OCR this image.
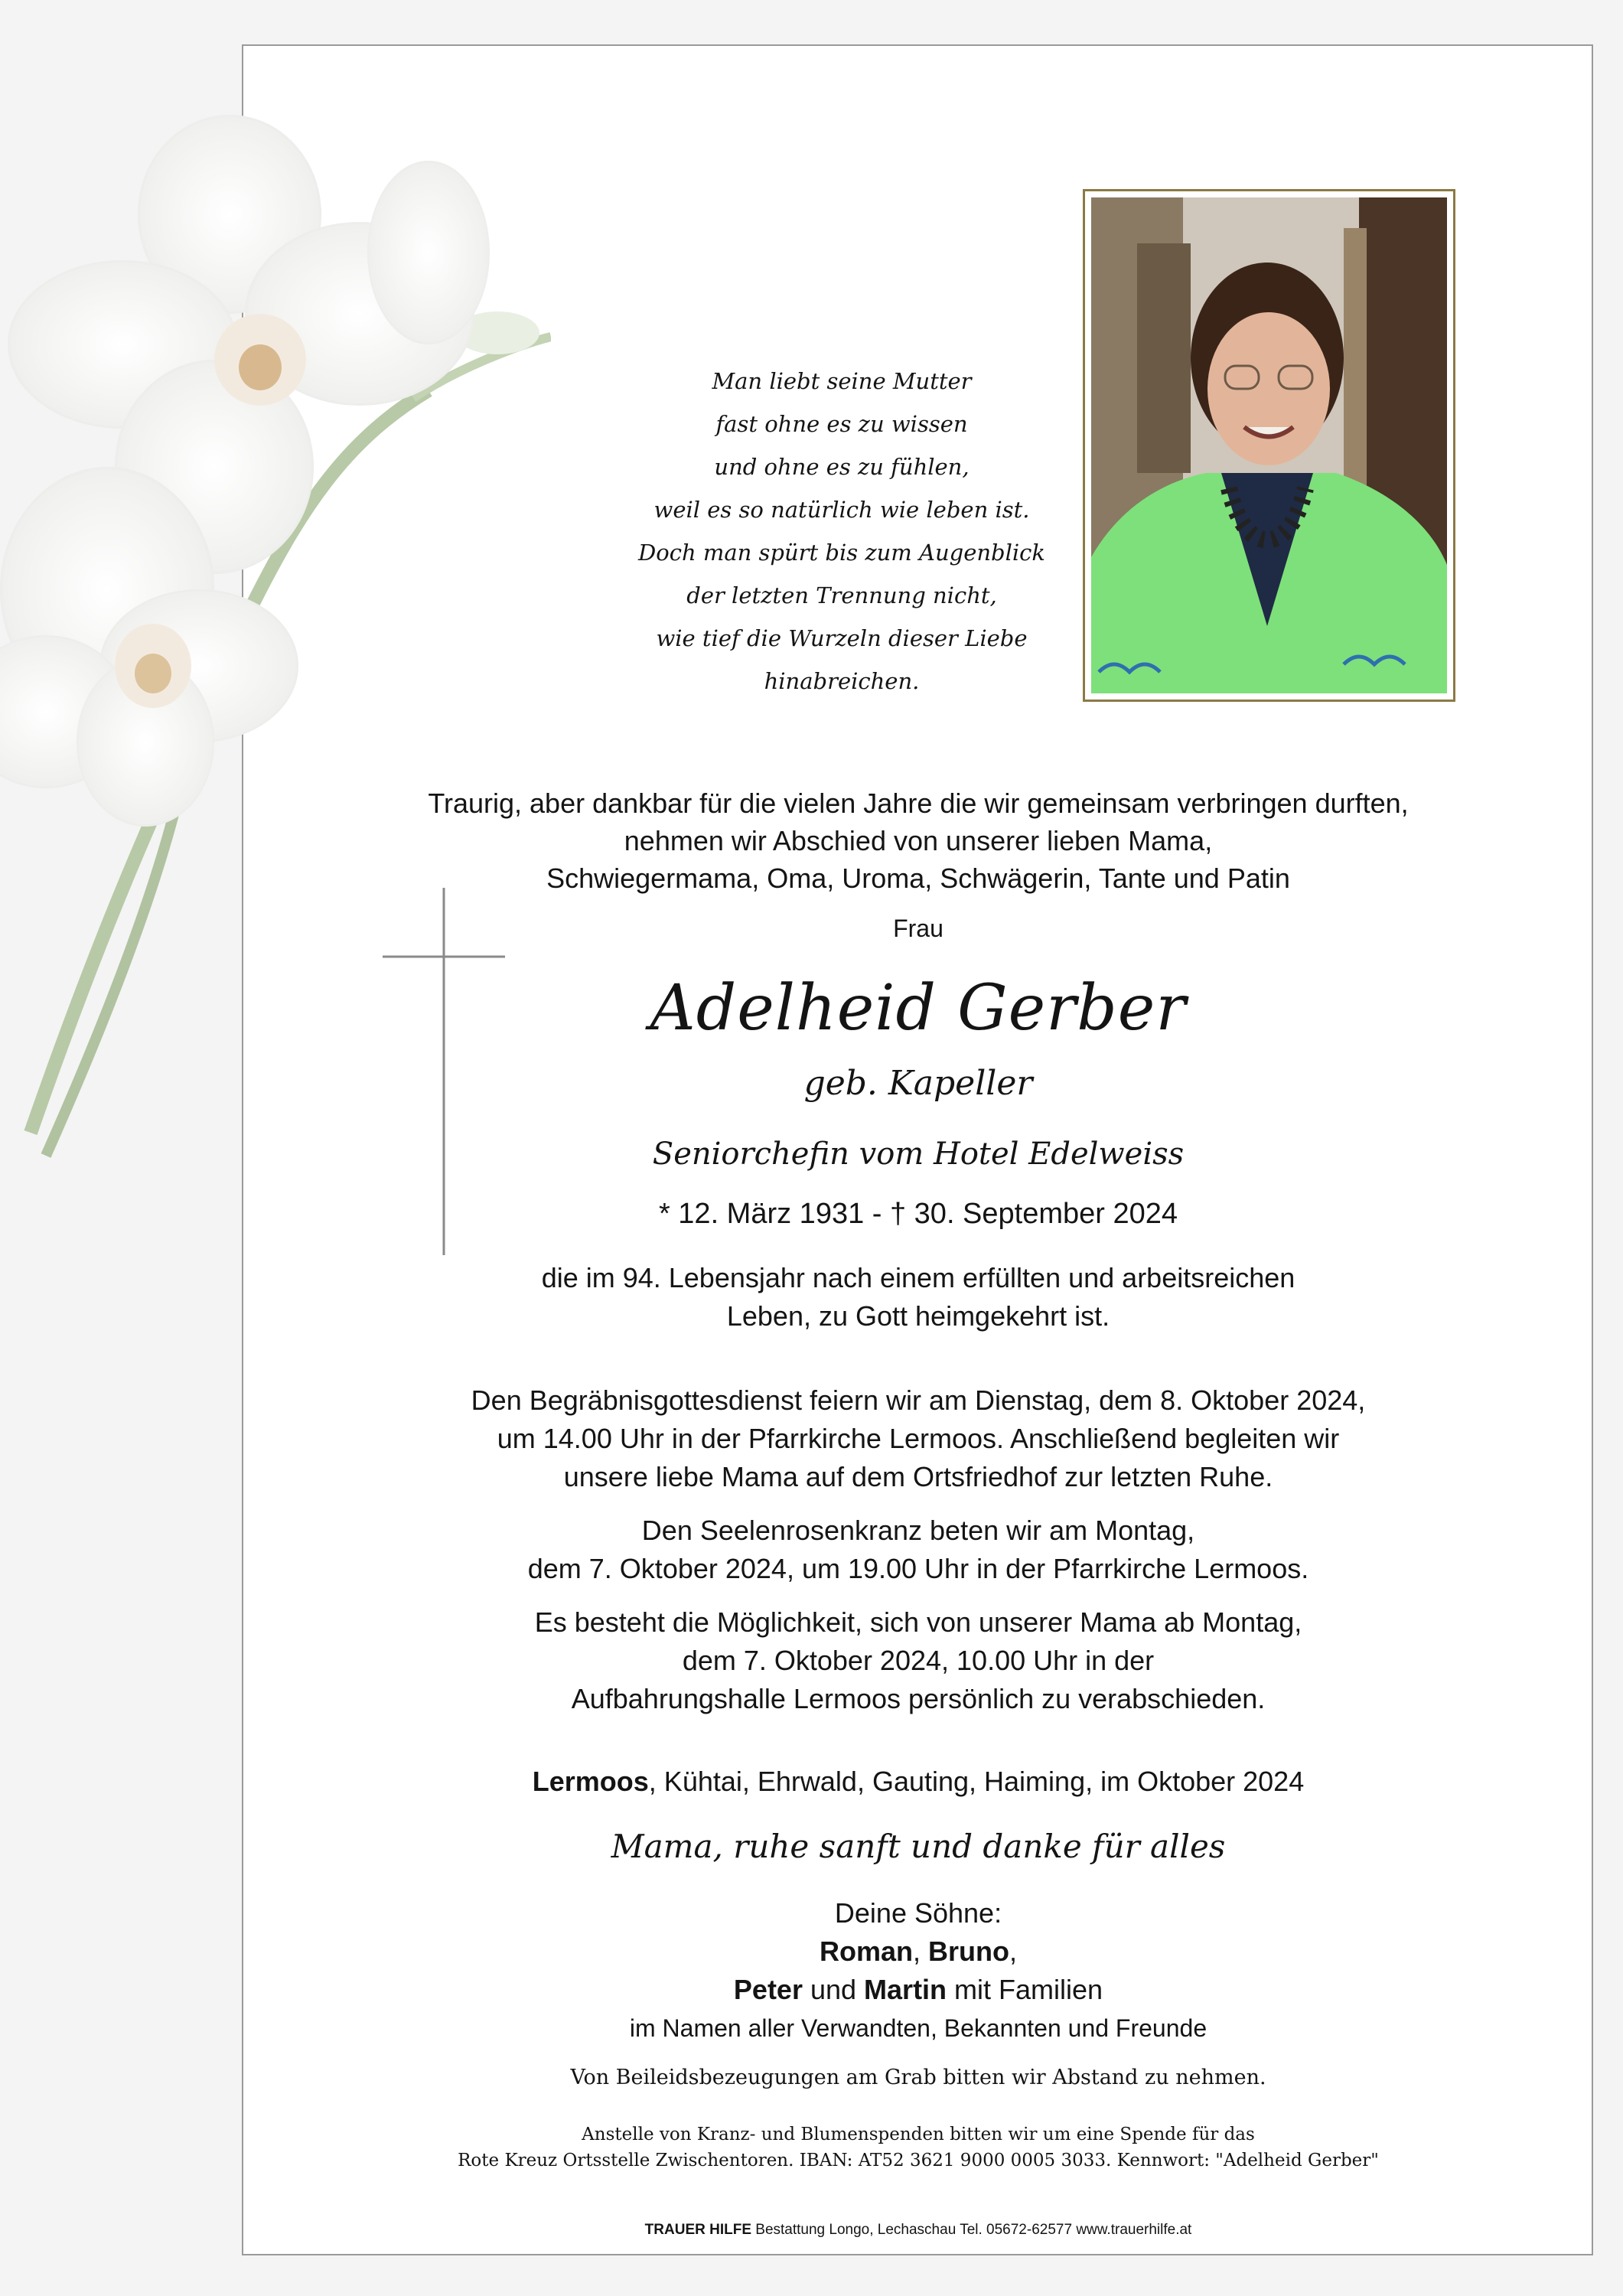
Man liebt seine Mutter
fast ohne es zu wissen
und ohne es zu fühlen,
weil es so natürlich wie leben ist.
Doch man spürt bis zum Augenblick
der letzten Trennung nicht,
wie tief die Wurzeln dieser Liebe
hinabreichen.
Traurig, aber dankbar für die vielen Jahre die wir gemeinsam verbringen durften,
nehmen wir Abschied von unserer lieben Mama,
Schwiegermama, Oma, Uroma, Schwägerin, Tante und Patin
Frau
Adelheid Gerber
geb. Kapeller
Seniorchefin vom Hotel Edelweiss
* 12. März 1931 - † 30. September 2024
die im 94. Lebensjahr nach einem erfüllten und arbeitsreichen
Leben, zu Gott heimgekehrt ist.
Den Begräbnisgottesdienst feiern wir am Dienstag, dem 8. Oktober 2024,
um 14.00 Uhr in der Pfarrkirche Lermoos. Anschließend begleiten wir
unsere liebe Mama auf dem Ortsfriedhof zur letzten Ruhe.
Den Seelenrosenkranz beten wir am Montag,
dem 7. Oktober 2024, um 19.00 Uhr in der Pfarrkirche Lermoos.
Es besteht die Möglichkeit, sich von unserer Mama ab Montag,
dem 7. Oktober 2024, 10.00 Uhr in der
Aufbahrungshalle Lermoos persönlich zu verabschieden.
Lermoos, Kühtai, Ehrwald, Gauting, Haiming, im Oktober 2024
Mama, ruhe sanft und danke für alles
Deine Söhne:
Roman, Bruno,
Peter und Martin mit Familien
im Namen aller Verwandten, Bekannten und Freunde
Von Beileidsbezeugungen am Grab bitten wir Abstand zu nehmen.
Anstelle von Kranz- und Blumenspenden bitten wir um eine Spende für das
Rote Kreuz Ortsstelle Zwischentoren. IBAN: AT52 3621 9000 0005 3033. Kennwort: "Adelheid Gerber"
TRAUER HILFE Bestattung Longo, Lechaschau Tel. 05672-62577 www.trauerhilfe.at
